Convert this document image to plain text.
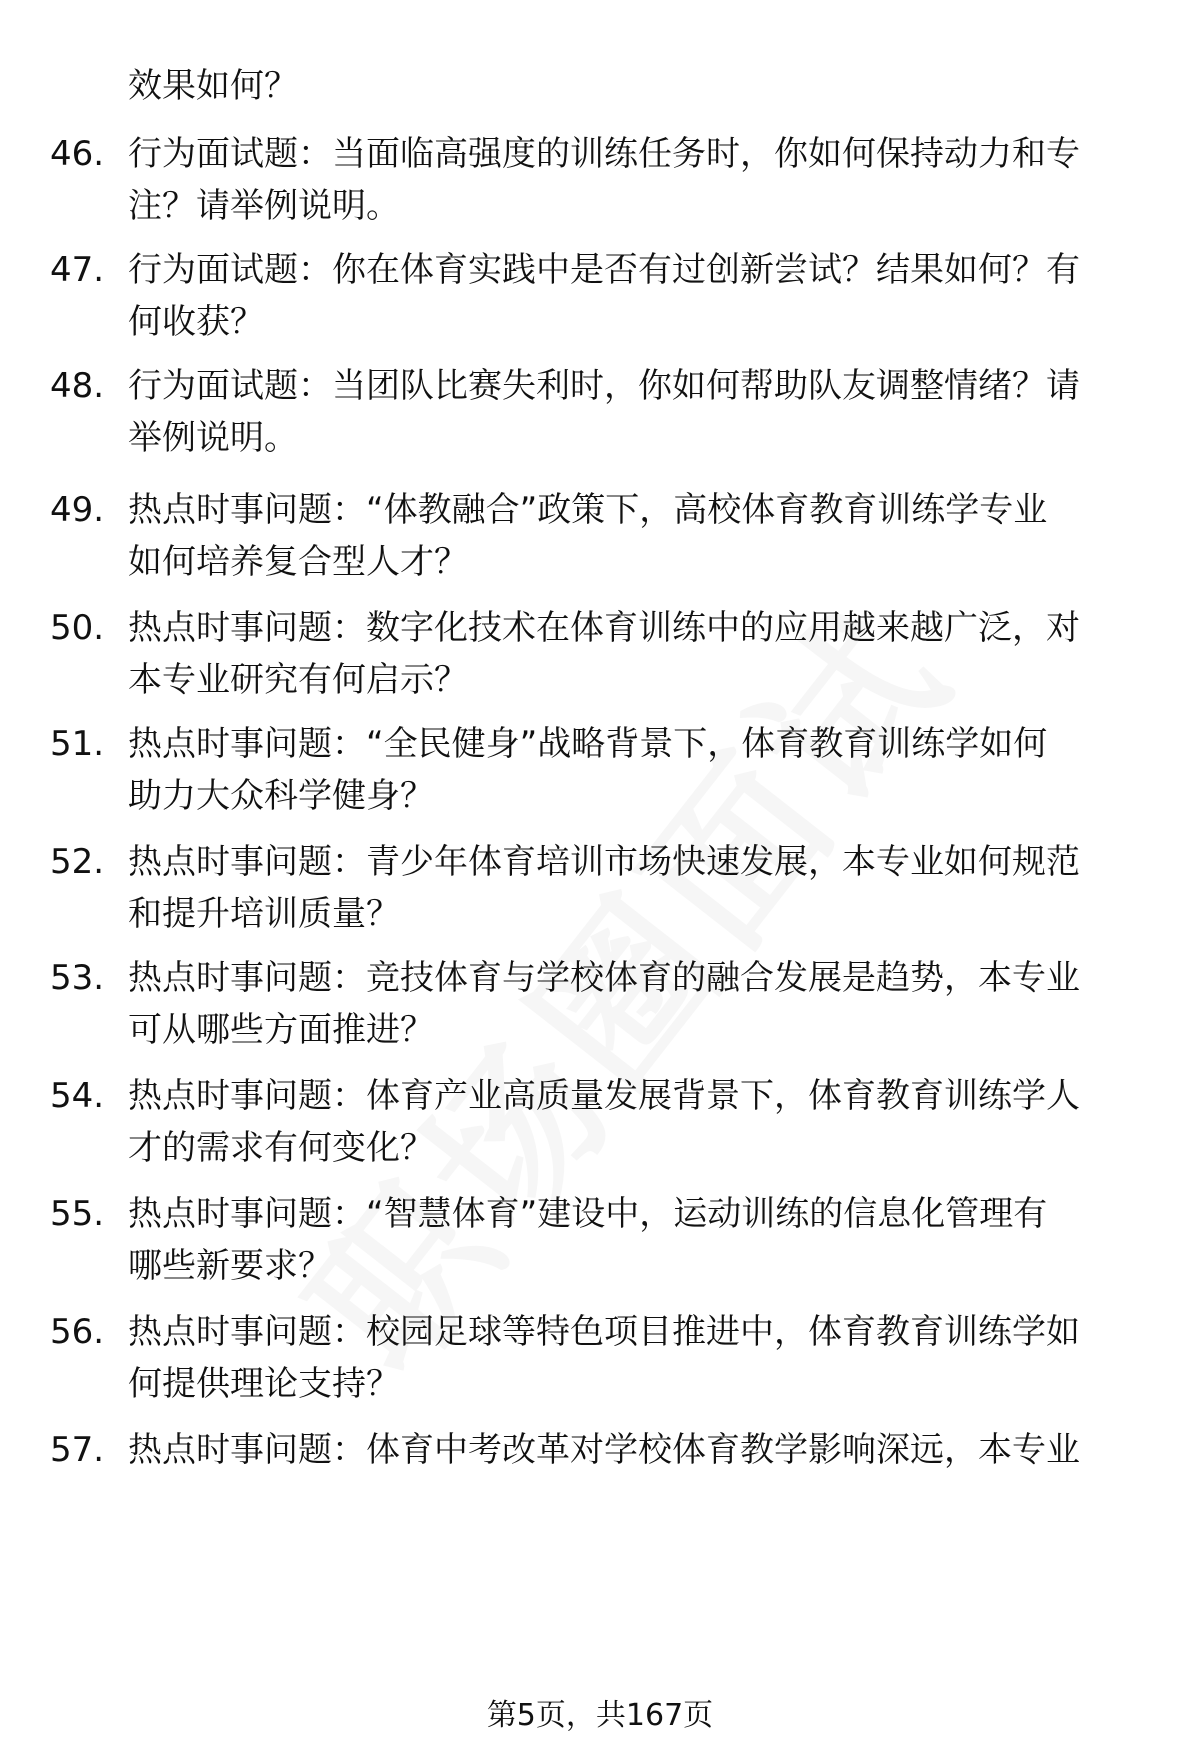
效果如何？
46. 行为面试题：当面临高强度的训练任务时，你如何保持动力和专
注？请举例说明。
47. 行为面试题：你在体育实践中是否有过创新尝试？结果如何？有
何收获？
48. 行为面试题：当团队比赛失利时，你如何帮助队友调整情绪？请
举例说明。
49. 热点时事问题：“体教融合”政策下，高校体育教育训练学专业
如何培养复合型人才？
50. 热点时事问题：数字化技术在体育训练中的应用越来越广泛，对
本专业研究有何启示？
51. 热点时事问题：“全民健身”战略背景下，体育教育训练学如何
助力大众科学健身？
52. 热点时事问题：青少年体育培训市场快速发展，本专业如何规范
和提升培训质量？
53. 热点时事问题：竞技体育与学校体育的融合发展是趋势，本专业
可从哪些方面推进？
54. 热点时事问题：体育产业高质量发展背景下，体育教育训练学人
才的需求有何变化？
55. 热点时事问题：“智慧体育”建设中，运动训练的信息化管理有
哪些新要求？
56. 热点时事问题：校园足球等特色项目推进中，体育教育训练学如
何提供理论支持？
57. 热点时事问题：体育中考改革对学校体育教学影响深远，本专业
第5页，共167页
